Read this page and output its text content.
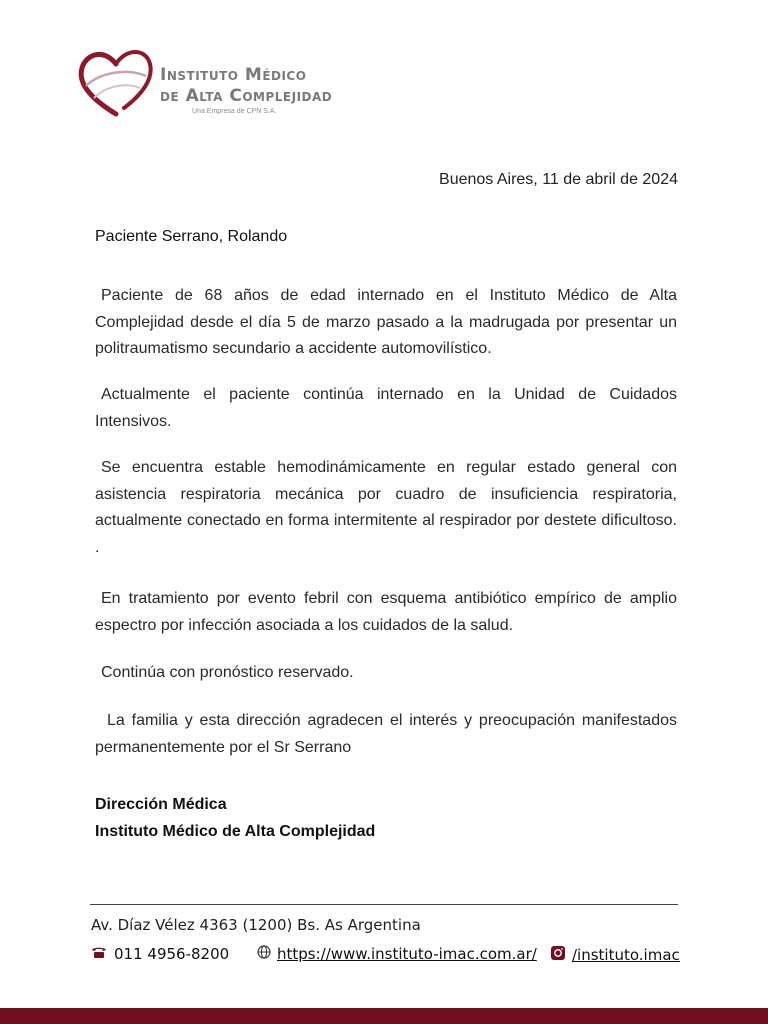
Instituto Médico
de Alta Complejidad
Una Empresa de CPN S.A.
Buenos Aires, 11 de abril de 2024
Paciente Serrano, Rolando

Paciente de 68 años de edad internado en el Instituto Médico de Alta Complejidad desde el día 5 de marzo pasado a la madrugada por presentar un politraumatismo secundario a accidente automovilístico.

Actualmente el paciente continúa internado en la Unidad de Cuidados Intensivos.

Se encuentra estable hemodinámicamente en regular estado general con asistencia respiratoria mecánica por cuadro de insuficiencia respiratoria, actualmente conectado en forma intermitente al respirador por destete dificultoso. .

En tratamiento por evento febril con esquema antibiótico empírico de amplio espectro por infección asociada a los cuidados de la salud.

Continúa con pronóstico reservado.

La familia y esta dirección agradecen el interés y preocupación manifestados permanentemente por el Sr Serrano

Dirección Médica
Instituto Médico de Alta Complejidad
Av. Díaz Vélez 4363 (1200) Bs. As Argentina
011 4956-8200	https://www.instituto-imac.com.ar/ /instituto.imac
